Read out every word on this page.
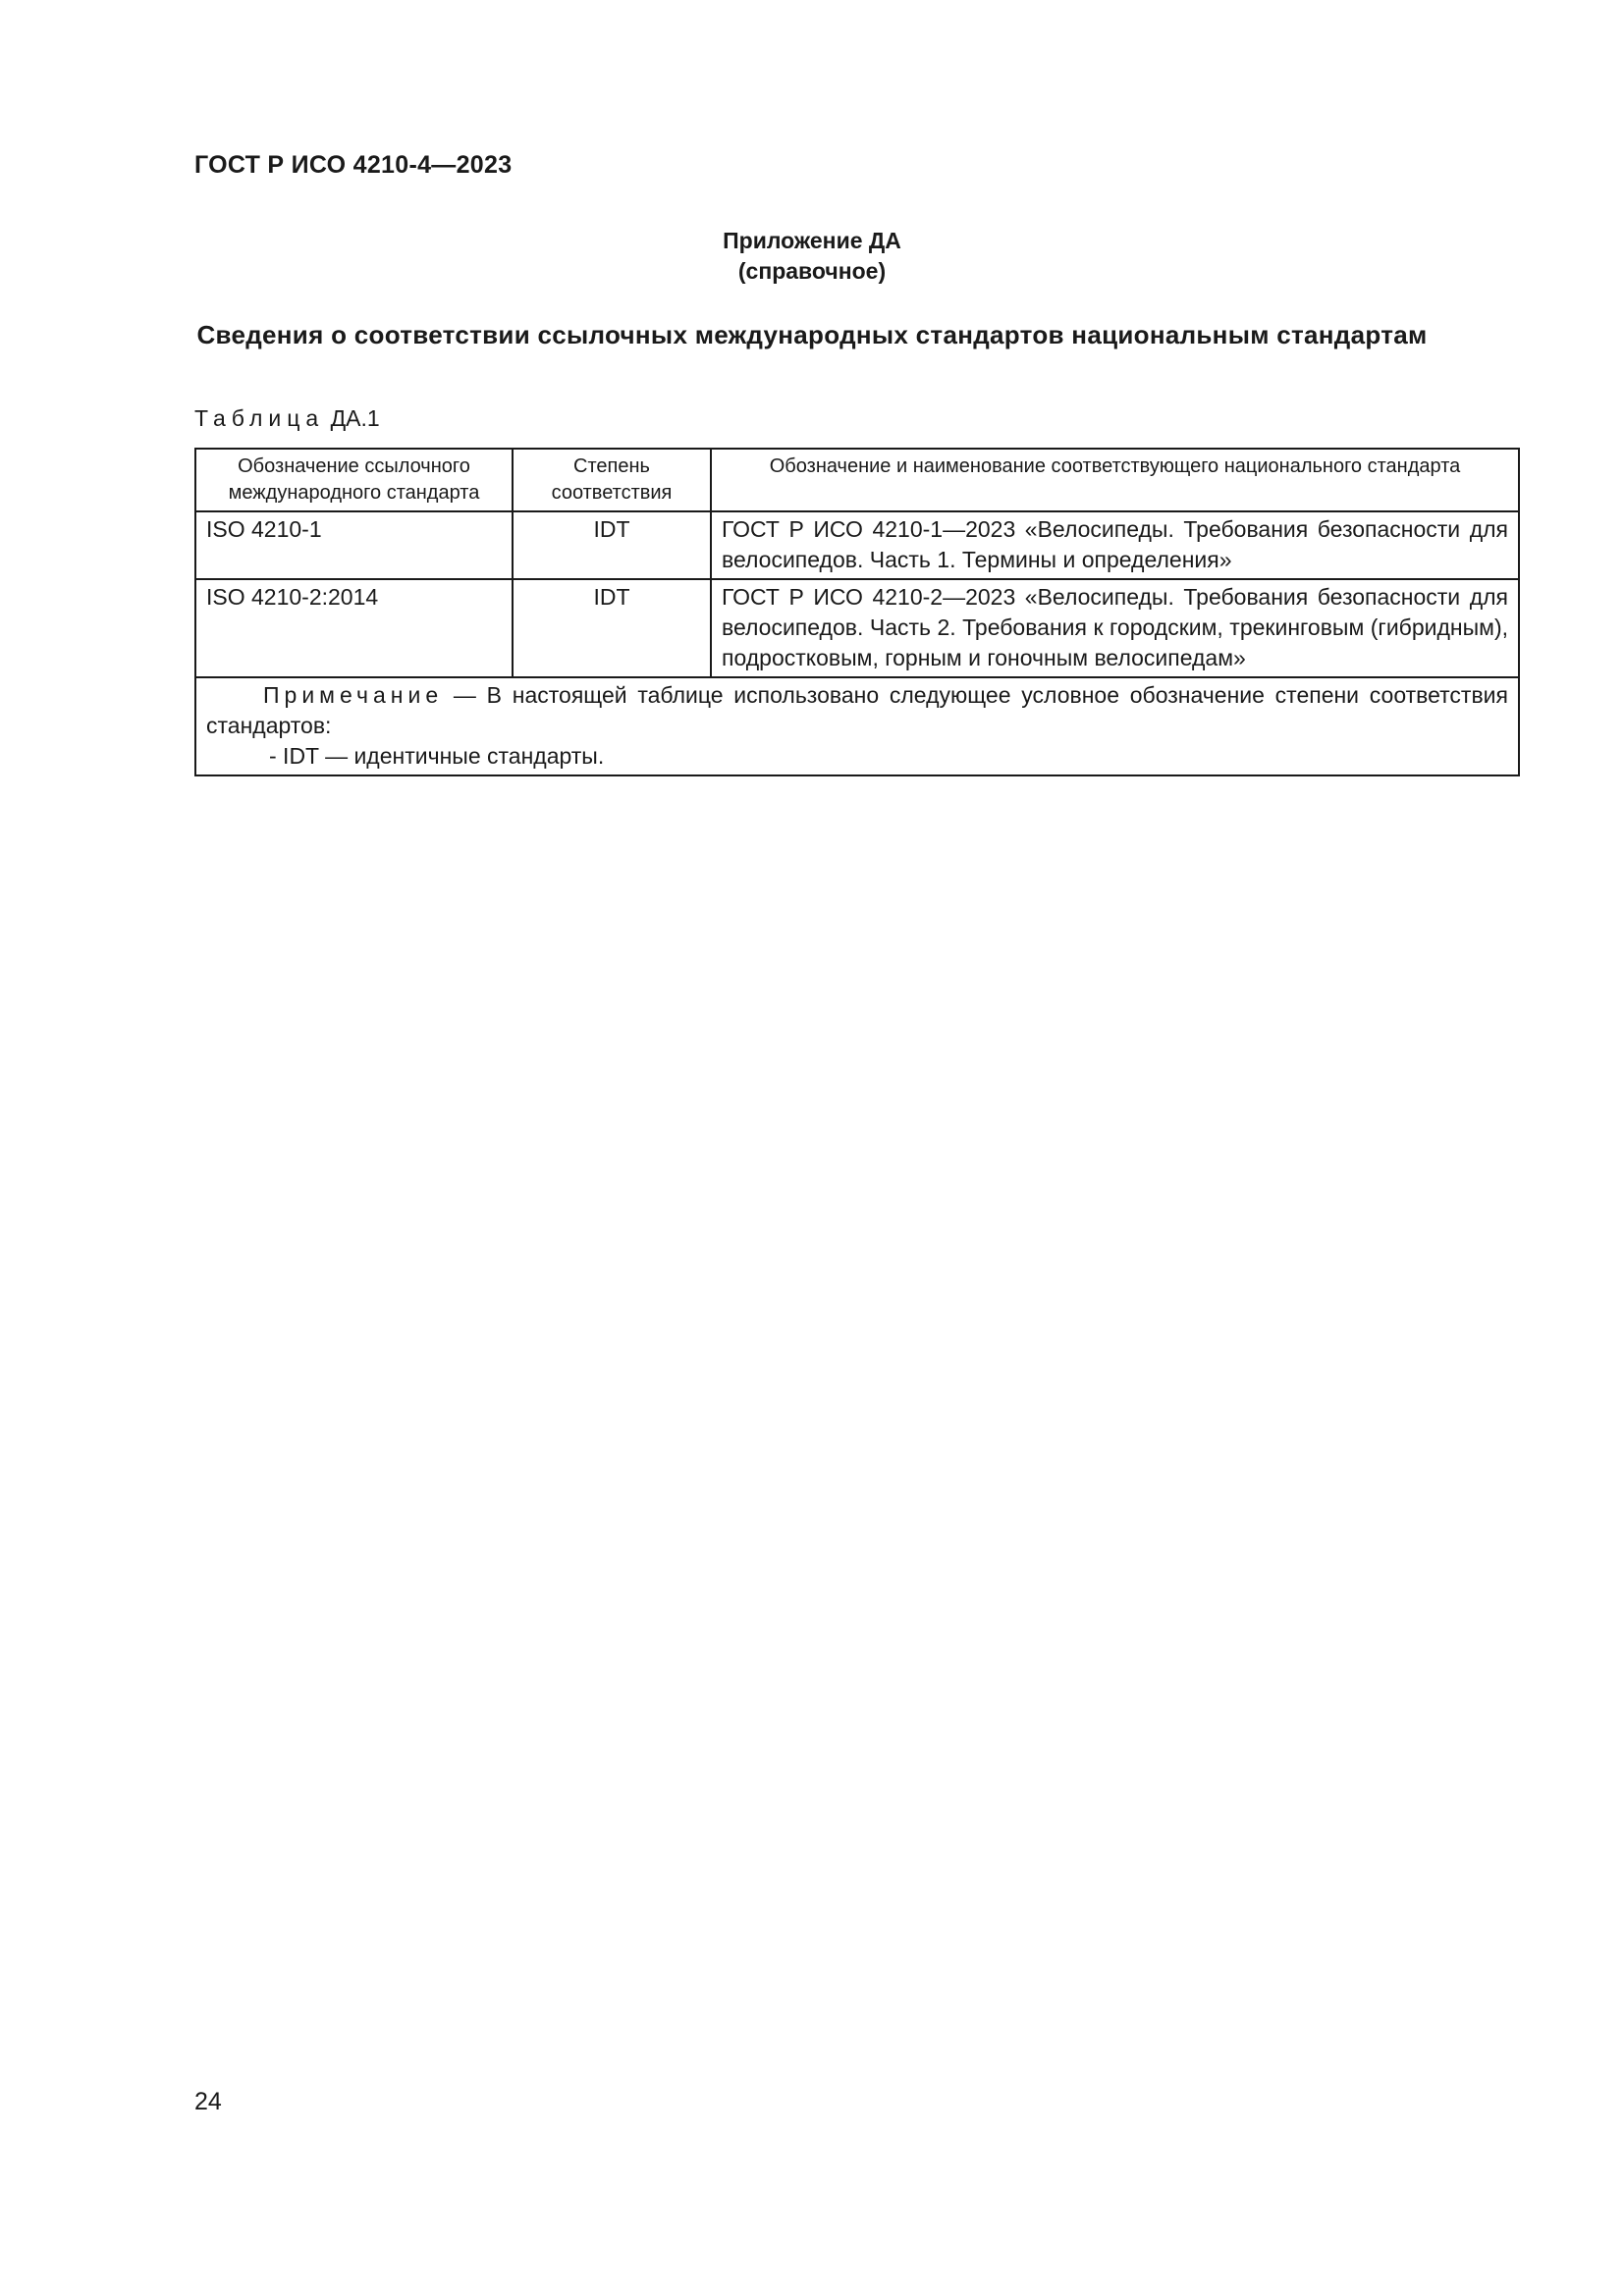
ГОСТ Р ИСО 4210-4—2023
Приложение ДА
(справочное)
Сведения о соответствии ссылочных международных стандартов национальным стандартам
Таблица ДА.1
Обозначение ссылочного международного стандарта	Степень соответствия	Обозначение и наименование соответствующего национального стандарта
ISO 4210-1	IDT	ГОСТ Р ИСО 4210-1—2023 «Велосипеды. Требования безопасности для велосипедов. Часть 1. Термины и определения»
ISO 4210-2:2014	IDT	ГОСТ Р ИСО 4210-2—2023 «Велосипеды. Требования безопасности для велосипедов. Часть 2. Требования к городским, трекинговым (гибридным), подростковым, горным и гоночным велосипедам»

Примечание — В настоящей таблице использовано следующее условное обозначение степени соответствия стандартов:

- IDT — идентичные стандарты.		

24
